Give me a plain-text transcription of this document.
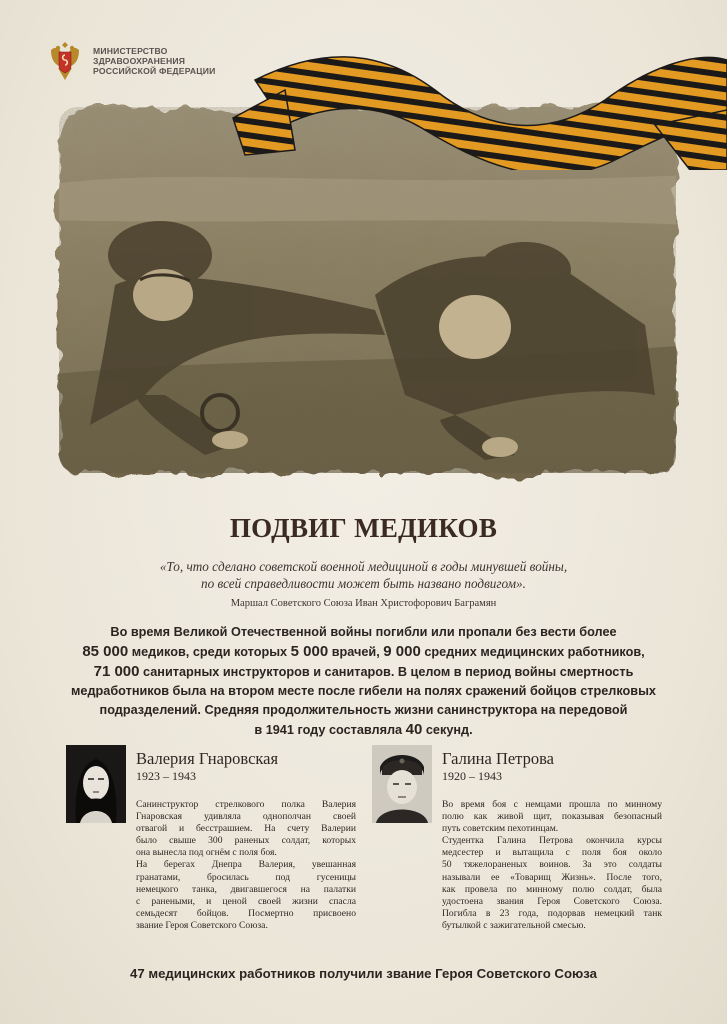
МИНИСТЕРСТВО
ЗДРАВООХРАНЕНИЯ
РОССИЙСКОЙ ФЕДЕРАЦИИ
ПОДВИГ МЕДИКОВ
«То, что сделано советской военной медициной в годы минувшей войны,
по всей справедливости может быть названо подвигом».
Маршал Советского Союза Иван Христофорович Баграмян
Во время Великой Отечественной войны погибли или пропали без вести более
85 000 медиков, среди которых 5 000 врачей, 9 000 средних медицинских работников,
71 000 санитарных инструкторов и санитаров. В целом в период войны смертность
медработников была на втором месте после гибели на полях сражений бойцов стрелковых
подразделений. Средняя продолжительность жизни санинструктора на передовой
в 1941 году составляла 40 секунд.
Валерия Гнаровская
1923 – 1943
Санинструктор стрелкового полка Валерия
Гнаровская удивляла однополчан своей
отвагой и бесстрашием. На счету Валерии
было свыше 300 раненых солдат, которых
она вынесла под огнём с поля боя.
На берегах Днепра Валерия, увешанная
гранатами, бросилась под гусеницы
немецкого танка, двигавшегося на палатки
с ранеными, и ценой своей жизни спасла
семьдесят бойцов. Посмертно присвоено
звание Героя Советского Союза.
Галина Петрова
1920 – 1943
Во время боя с немцами прошла по минному
полю как живой щит, показывая безопасный
путь советским пехотинцам.
Студентка Галина Петрова окончила курсы
медсестер и вытащила с поля боя около
50 тяжелораненых воинов. За это солдаты
называли ее «Товарищ Жизнь». После того,
как провела по минному полю солдат, была
удостоена звания Героя Советского Союза.
Погибла в 23 года, подорвав немецкий танк
бутылкой с зажигательной смесью.
47 медицинских работников получили звание Героя Советского Союза
